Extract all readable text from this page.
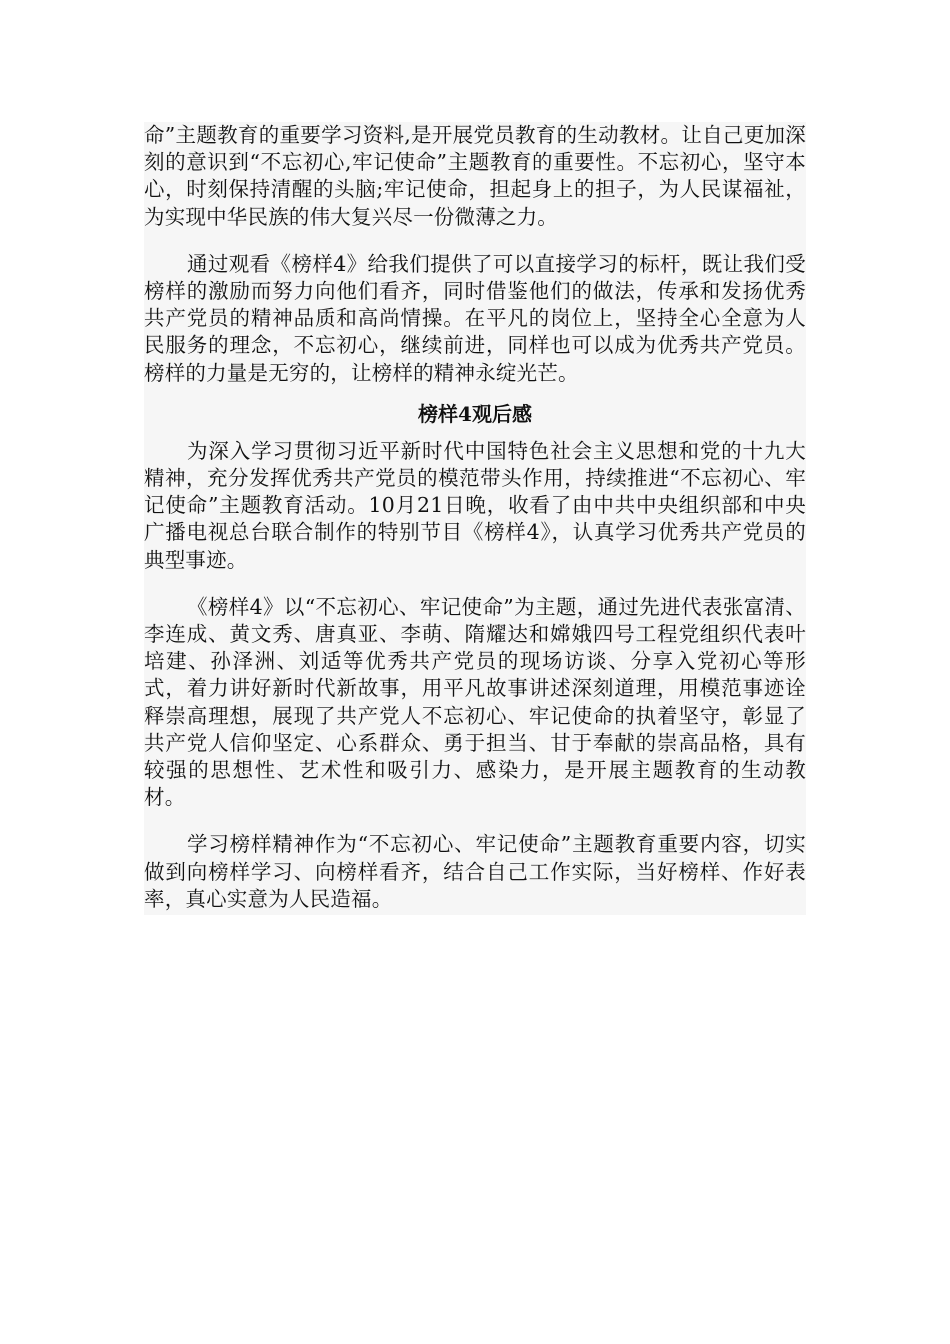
命”主题教育的重要学习资料,是开展党员教育的生动教材。让自己更加深刻的意识到“不忘初心,牢记使命”主题教育的重要性。不忘初心，坚守本心，时刻保持清醒的头脑;牢记使命，担起身上的担子，为人民谋福祉，为实现中华民族的伟大复兴尽一份微薄之力。

通过观看《榜样4》给我们提供了可以直接学习的标杆，既让我们受榜样的激励而努力向他们看齐，同时借鉴他们的做法，传承和发扬优秀共产党员的精神品质和高尚情操。在平凡的岗位上，坚持全心全意为人民服务的理念，不忘初心，继续前进，同样也可以成为优秀共产党员。榜样的力量是无穷的，让榜样的精神永绽光芒。

榜样4观后感

为深入学习贯彻习近平新时代中国特色社会主义思想和党的十九大精神，充分发挥优秀共产党员的模范带头作用，持续推进“不忘初心、牢记使命”主题教育活动。10月21日晚，收看了由中共中央组织部和中央广播电视总台联合制作的特别节目《榜样4》，认真学习优秀共产党员的典型事迹。

《榜样4》以“不忘初心、牢记使命”为主题，通过先进代表张富清、李连成、黄文秀、唐真亚、李萌、隋耀达和嫦娥四号工程党组织代表叶培建、孙泽洲、刘适等优秀共产党员的现场访谈、分享入党初心等形式，着力讲好新时代新故事，用平凡故事讲述深刻道理，用模范事迹诠释崇高理想，展现了共产党人不忘初心、牢记使命的执着坚守，彰显了共产党人信仰坚定、心系群众、勇于担当、甘于奉献的崇高品格，具有较强的思想性、艺术性和吸引力、感染力，是开展主题教育的生动教材。

学习榜样精神作为“不忘初心、牢记使命”主题教育重要内容，切实做到向榜样学习、向榜样看齐，结合自己工作实际，当好榜样、作好表率，真心实意为人民造福。
